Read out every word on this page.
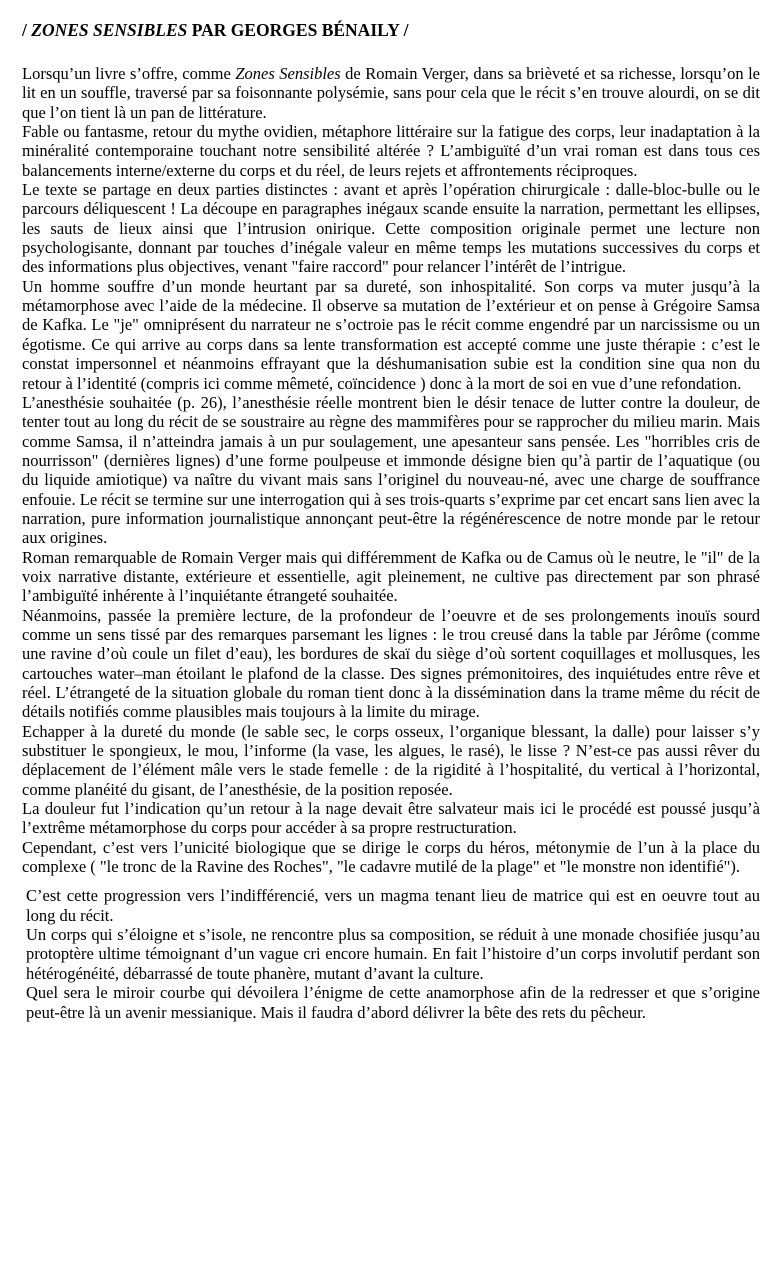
/ ZONES SENSIBLES PAR GEORGES BÉNAILY /

Lorsqu’un livre s’offre, comme Zones Sensibles de Romain Verger, dans sa brièveté et sa richesse, lorsqu’on le lit en un souffle, traversé par sa foisonnante polysémie, sans pour cela que le récit s’en trouve alourdi, on se dit que l’on tient là un pan de littérature.

Fable ou fantasme, retour du mythe ovidien, métaphore littéraire sur la fatigue des corps, leur inadaptation à la minéralité contemporaine touchant notre sensibilité altérée ? L’ambiguïté d’un vrai roman est dans tous ces balancements interne/externe du corps et du réel, de leurs rejets et affrontements réciproques.

Le texte se partage en deux parties distinctes : avant et après l’opération chirurgicale : dalle-bloc-bulle ou le parcours déliquescent ! La découpe en paragraphes inégaux scande ensuite la narration, permettant les ellipses, les sauts de lieux ainsi que l’intrusion onirique. Cette composition originale permet une lecture non psychologisante, donnant par touches d’inégale valeur en même temps les mutations successives du corps et des informations plus objectives, venant "faire raccord" pour relancer l’intérêt de l’intrigue.

Un homme souffre d’un monde heurtant par sa dureté, son inhospitalité. Son corps va muter jusqu’à la métamorphose avec l’aide de la médecine. Il observe sa mutation de l’extérieur et on pense à Grégoire Samsa de Kafka. Le "je" omniprésent du narrateur ne s’octroie pas le récit comme engendré par un narcissisme ou un égotisme. Ce qui arrive au corps dans sa lente transformation est accepté comme une juste thérapie : c’est le constat impersonnel et néanmoins effrayant que la déshumanisation subie est la condition sine qua non du retour à l’identité (compris ici comme mêmeté, coïncidence ) donc à la mort de soi en vue d’une refondation.

L’anesthésie souhaitée (p. 26), l’anesthésie réelle montrent bien le désir tenace de lutter contre la douleur, de tenter tout au long du récit de se soustraire au règne des mammifères pour se rapprocher du milieu marin. Mais comme Samsa, il n’atteindra jamais à un pur soulagement, une apesanteur sans pensée. Les "horribles cris de nourrisson" (dernières lignes) d’une forme poulpeuse et immonde désigne bien qu’à partir de l’aquatique (ou du liquide amiotique) va naître du vivant mais sans l’originel du nouveau-né, avec une charge de souffrance enfouie. Le récit se termine sur une interrogation qui à ses trois-quarts s’exprime par cet encart sans lien avec la narration, pure information journalistique annonçant peut-être la régénérescence de notre monde par le retour aux origines.

Roman remarquable de Romain Verger mais qui différemment de Kafka ou de Camus où le neutre, le "il" de la voix narrative distante, extérieure et essentielle, agit pleinement, ne cultive pas directement par son phrasé l’ambiguïté inhérente à l’inquiétante étrangeté souhaitée.

Néanmoins, passée la première lecture, de la profondeur de l’oeuvre et de ses prolongements inouïs sourd comme un sens tissé par des remarques parsemant les lignes : le trou creusé dans la table par Jérôme (comme une ravine d’où coule un filet d’eau), les bordures de skaï du siège d’où sortent coquillages et mollusques, les cartouches water–man étoilant le plafond de la classe. Des signes prémonitoires, des inquiétudes entre rêve et réel. L’étrangeté de la situation globale du roman tient donc à la dissémination dans la trame même du récit de détails notifiés comme plausibles mais toujours à la limite du mirage.

Echapper à la dureté du monde (le sable sec, le corps osseux, l’organique blessant, la dalle) pour laisser s’y substituer le spongieux, le mou, l’informe (la vase, les algues, le rasé), le lisse ? N’est-ce pas aussi rêver du déplacement de l’élément mâle vers le stade femelle : de la rigidité à l’hospitalité, du vertical à l’horizontal, comme planéité du gisant, de l’anesthésie, de la position reposée.

La douleur fut l’indication qu’un retour à la nage devait être salvateur mais ici le procédé est poussé jusqu’à l’extrême métamorphose du corps pour accéder à sa propre restructuration.

Cependant, c’est vers l’unicité biologique que se dirige le corps du héros, métonymie de l’un à la place du complexe ( "le tronc de la Ravine des Roches", "le cadavre mutilé de la plage" et "le monstre non identifié").

C’est cette progression vers l’indifférencié, vers un magma tenant lieu de matrice qui est en oeuvre tout au long du récit.

Un corps qui s’éloigne et s’isole, ne rencontre plus sa composition, se réduit à une monade chosifiée jusqu’au protoptère ultime témoignant d’un vague cri encore humain. En fait l’histoire d’un corps involutif perdant son hétérogénéité, débarrassé de toute phanère, mutant d’avant la culture.

Quel sera le miroir courbe qui dévoilera l’énigme de cette anamorphose afin de la redresser et que s’origine peut-être là un avenir messianique. Mais il faudra d’abord délivrer la bête des rets du pêcheur.
